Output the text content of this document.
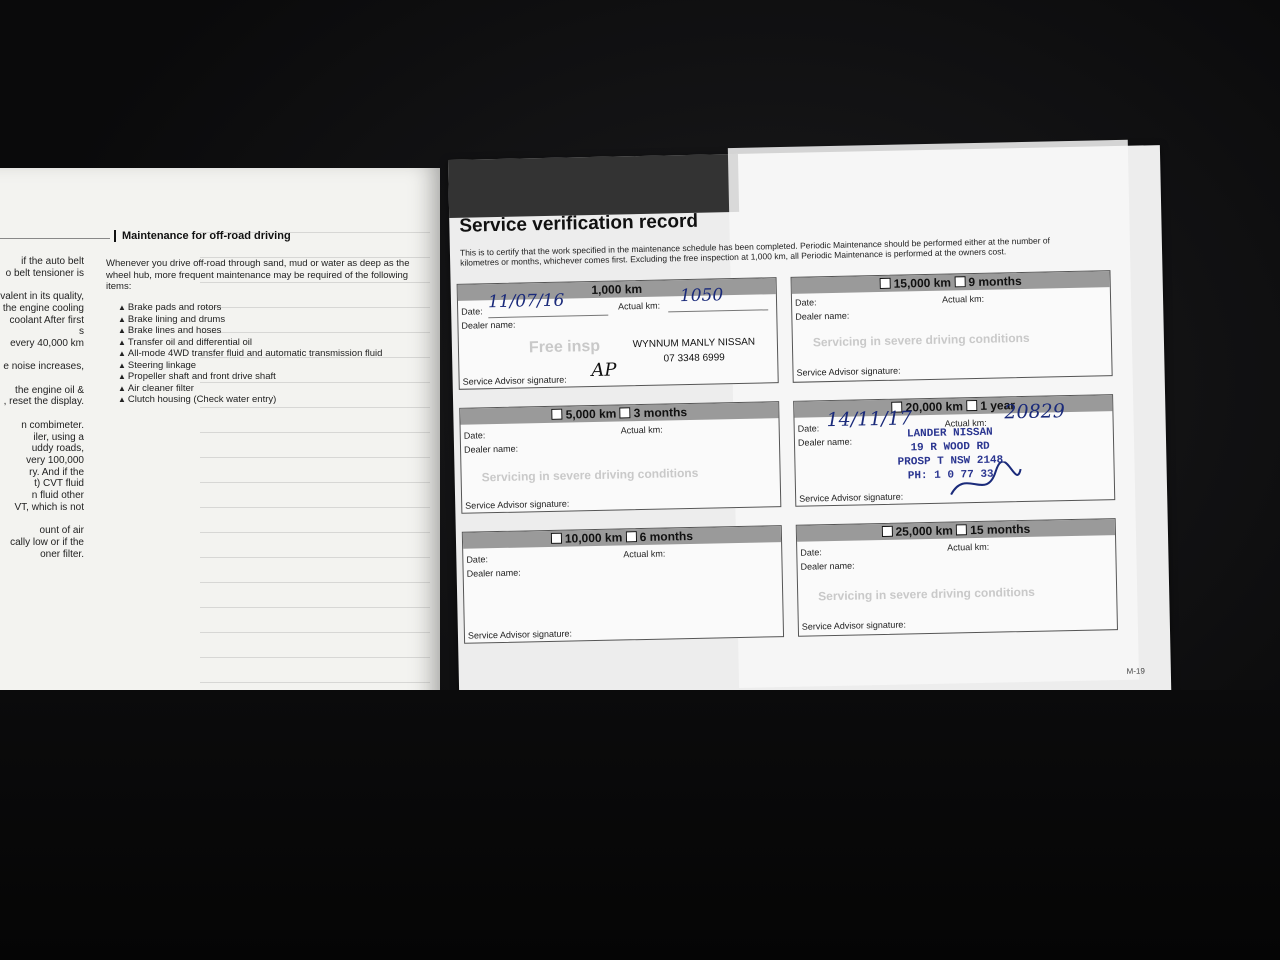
if the auto belt
o belt tensioner is

valent in its quality,
the engine cooling
coolant After first
s
every 40,000 km

e noise increases,

the engine oil &
, reset the display.

n combimeter.
iler, using a
uddy roads,
very 100,000
ry. And if the
t) CVT fluid
n fluid other
VT, which is not

ount of air
cally low or if the
oner filter.
Maintenance for off-road driving
Whenever you drive off-road through sand, mud or water as deep as the wheel hub, more frequent maintenance may be required of the following items:
▲ Brake pads and rotors
▲ Brake lining and drums
▲ Brake lines and hoses
▲ Transfer oil and differential oil
▲ All-mode 4WD transfer fluid and automatic transmission fluid
▲ Steering linkage
▲ Propeller shaft and front drive shaft
▲ Air cleaner filter
▲ Clutch housing (Check water entry)
Service verification record
This is to certify that the work specified in the maintenance schedule has been completed. Periodic Maintenance should be performed either at the number of kilometres or months, whichever comes first. Excluding the free inspection at 1,000 km, all Periodic Maintenance is performed at the owners cost.
1,000 km
Date:
Actual km:
Dealer name:
Free insp
11/07/16	1050
WYNNUM MANLY NISSAN
07 3348 6999
Service Advisor signature: AP
15,000 km 9 months
Date:	Actual km:
Dealer name:
Servicing in severe driving conditions
Service Advisor signature:
5,000 km 3 months
Date:
Actual km:
Dealer name:
Servicing in severe driving conditions
Service Advisor signature:
20,000 km 1 year
Date:	Actual km:
Dealer name:
14/11/17	20829
LANDER NISSAN
19 R WOOD RD
PROSP T NSW 2148
PH: 1 0 77 33
Service Advisor signature:
10,000 km 6 months
Date:
Actual km:
Dealer name:
Service Advisor signature:
25,000 km 15 months
Date:	Actual km:
Dealer name:
Servicing in severe driving conditions
Service Advisor signature:
M-19
